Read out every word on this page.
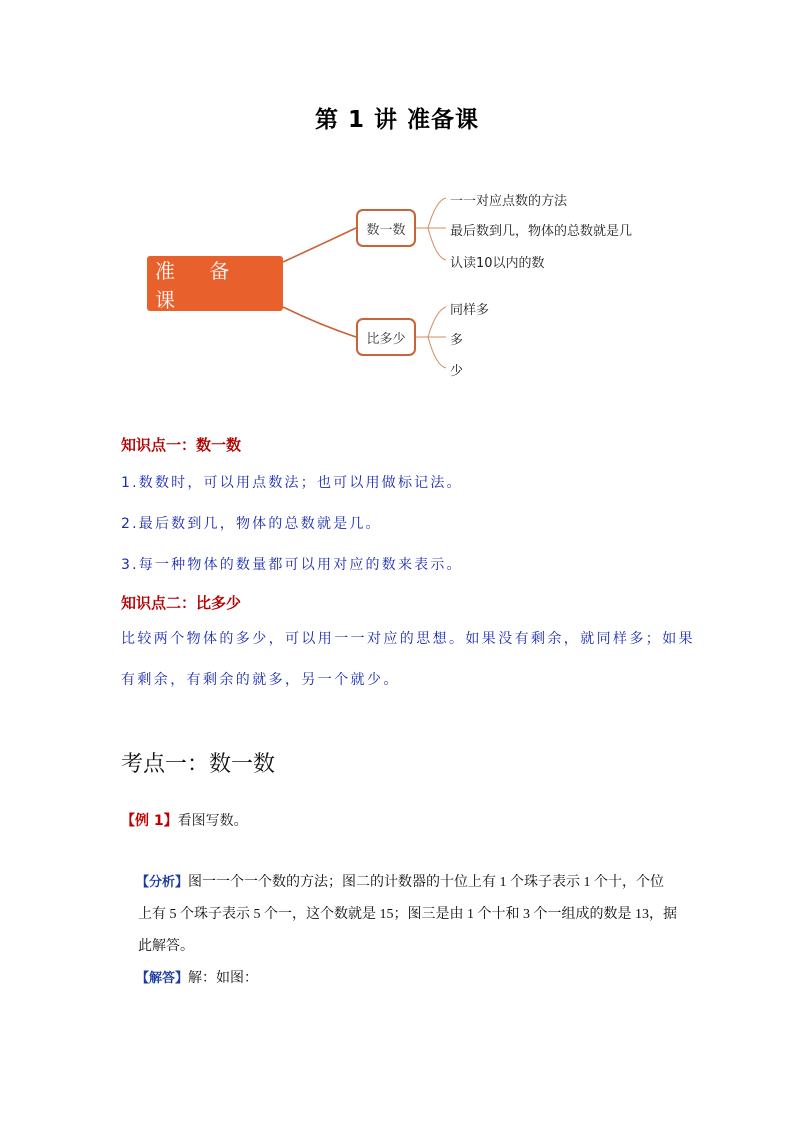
第 1 讲 准备课
准 备 课
数一数
比多少
一一对应点数的方法
最后数到几，物体的总数就是几
认读10以内的数
同样多
多
少
知识点一：数一数
1.数数时，可以用点数法；也可以用做标记法。
2.最后数到几，物体的总数就是几。
3.每一种物体的数量都可以用对应的数来表示。
知识点二：比多少
比较两个物体的多少，可以用一一对应的思想。如果没有剩余，就同样多；如果
有剩余，有剩余的就多，另一个就少。
考点一：数一数
【例 1】看图写数。
【分析】图一一个一个数的方法；图二的计数器的十位上有 1 个珠子表示 1 个十，个位
上有 5 个珠子表示 5 个一，这个数就是 15；图三是由 1 个十和 3 个一组成的数是 13，据
此解答。
【解答】解：如图：
